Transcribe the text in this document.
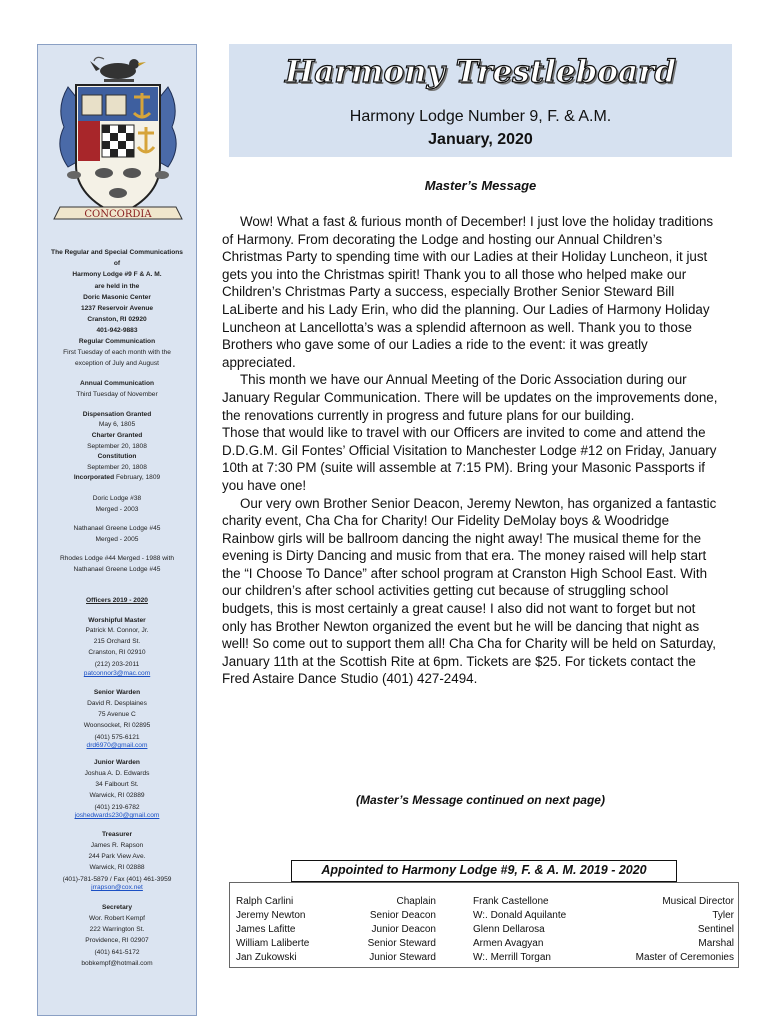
CONCORDIA
The Regular and Special Communications
of
Harmony Lodge #9 F & A. M.
are held in the
Doric Masonic Center
1237 Reservoir Avenue
Cranston, RI 02920
401-942-9883
Regular Communication
First Tuesday of each month with the
exception of July and August
Annual Communication
Third Tuesday of November
Dispensation Granted
May 6, 1805
Charter Granted
September 20, 1808
Constitution
September 20, 1808
Incorporated February, 1809
Doric Lodge #38
Merged - 2003
Nathanael Greene Lodge #45
Merged - 2005
Rhodes Lodge #44 Merged - 1988 with
Nathanael Greene Lodge #45
Officers 2019 - 2020
Worshipful Master
Patrick M. Connor, Jr.
215 Orchard St.
Cranston, RI 02910
(212) 203-2011
patconnor3@mac.com
Senior Warden
David R. Desplaines
75 Avenue C
Woonsocket, RI 02895
(401) 575-6121
drd6970@gmail.com
Junior Warden
Joshua A. D. Edwards
34 Falbourt St.
Warwick, RI 02889
(401) 219-6782
joshedwards230@gmail.com
Treasurer
James R. Rapson
244 Park View Ave.
Warwick, RI 02888
(401)-781-5879 / Fax (401) 461-3959
jrrapson@cox.net
Secretary
Wor. Robert Kempf
222 Warrington St.
Providence, RI 02907
(401) 641-5172
bobkempf@hotmail.com
Harmony Trestleboard
Harmony Lodge Number 9, F. & A.M.
January, 2020
Master’s Message

Wow! What a fast & furious month of December! I just love the holiday traditions of Harmony. From decorating the Lodge and hosting our Annual Children’s Christmas Party to spending time with our Ladies at their Holiday Luncheon, it just gets you into the Christmas spirit! Thank you to all those who helped make our Children’s Christmas Party a success, especially Brother Senior Steward Bill LaLiberte and his Lady Erin, who did the planning. Our Ladies of Harmony Holiday Luncheon at Lancellotta’s was a splendid afternoon as well. Thank you to those Brothers who gave some of our Ladies a ride to the event: it was greatly appreciated.

This month we have our Annual Meeting of the Doric Association during our January Regular Communication. There will be updates on the improvements done, the renovations currently in progress and future plans for our building.

Those that would like to travel with our Officers are invited to come and attend the D.D.G.M. Gil Fontes’ Official Visitation to Manchester Lodge #12 on Friday, January 10th at 7:30 PM (suite will assemble at 7:15 PM). Bring your Masonic Passports if you have one!

Our very own Brother Senior Deacon, Jeremy Newton, has organized a fantastic charity event, Cha Cha for Charity! Our Fidelity DeMolay boys & Woodridge Rainbow girls will be ballroom dancing the night away! The musical theme for the evening is Dirty Dancing and music from that era. The money raised will help start the “I Choose To Dance” after school program at Cranston High School East. With our children’s after school activities getting cut because of struggling school budgets, this is most certainly a great cause! I also did not want to forget but not only has Brother Newton organized the event but he will be dancing that night as well! So come out to support them all! Cha Cha for Charity will be held on Saturday, January 11th at the Scottish Rite at 6pm. Tickets are $25. For tickets contact the Fred Astaire Dance Studio (401) 427-2494.

(Master’s Message continued on next page)
Appointed to Harmony Lodge #9, F. & A. M. 2019 - 2020
Ralph Carlini
Jeremy Newton
James Lafitte
William Laliberte
Jan Zukowski
Chaplain
Senior Deacon
Junior Deacon
Senior Steward
Junior Steward
Frank Castellone
W:. Donald Aquilante
Glenn Dellarosa
Armen Avagyan
W:. Merrill Torgan
Musical Director
Tyler
Sentinel
Marshal
Master of Ceremonies
